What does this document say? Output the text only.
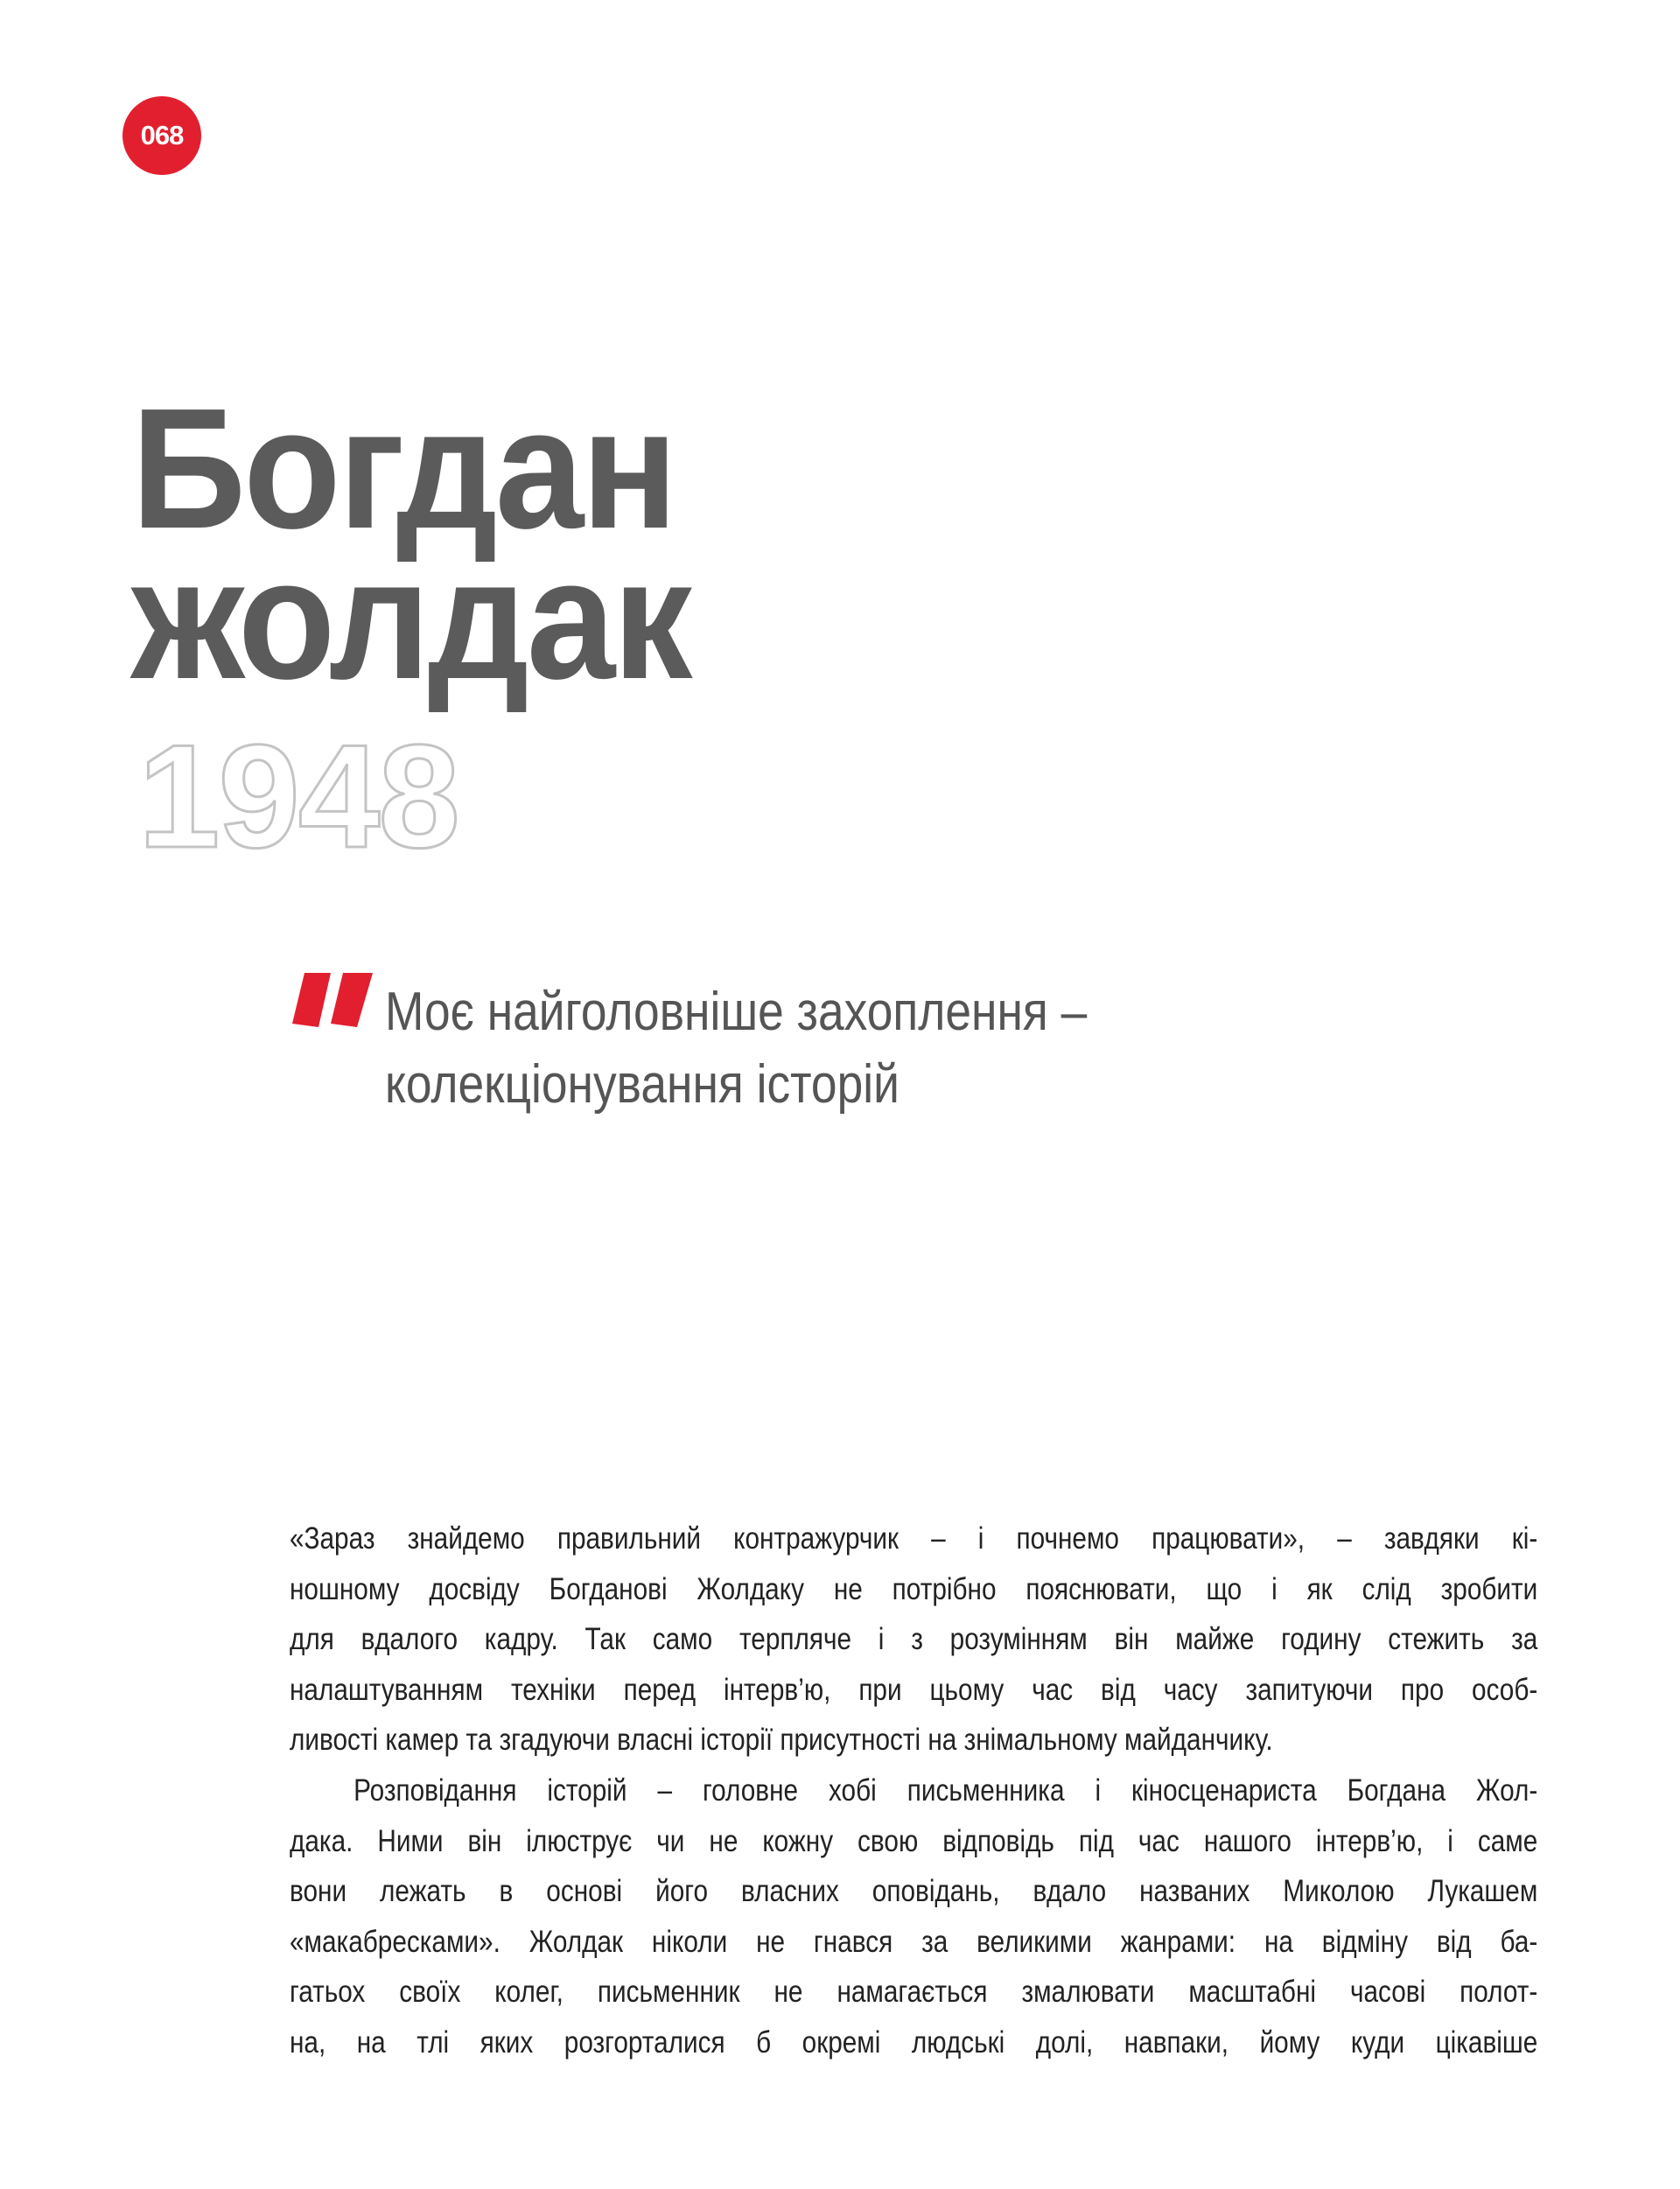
068
Богдан
жолдак
1948
Моє найголовніше захоплення –
колекціонування історій
«Зараз знайдемо правильний контражурчик – і почнемо працювати», – завдяки кі-
ношному досвіду Богданові Жолдаку не потрібно пояснювати, що і як слід зробити
для вдалого кадру. Так само терпляче і з розумінням він майже годину стежить за
налаштуванням техніки перед інтерв’ю, при цьому час від часу запитуючи про особ-
ливості камер та згадуючи власні історії присутності на знімальному майданчику.
Розповідання історій – головне хобі письменника і кіносценариста Богдана Жол-
дака. Ними він ілюструє чи не кожну свою відповідь під час нашого інтерв’ю, і саме
вони лежать в основі його власних оповідань, вдало названих Миколою Лукашем
«макабресками». Жолдак ніколи не гнався за великими жанрами: на відміну від ба-
гатьох своїх колег, письменник не намагається змалювати масштабні часові полот-
на, на тлі яких розгорталися б окремі людські долі, навпаки, йому куди цікавіше
